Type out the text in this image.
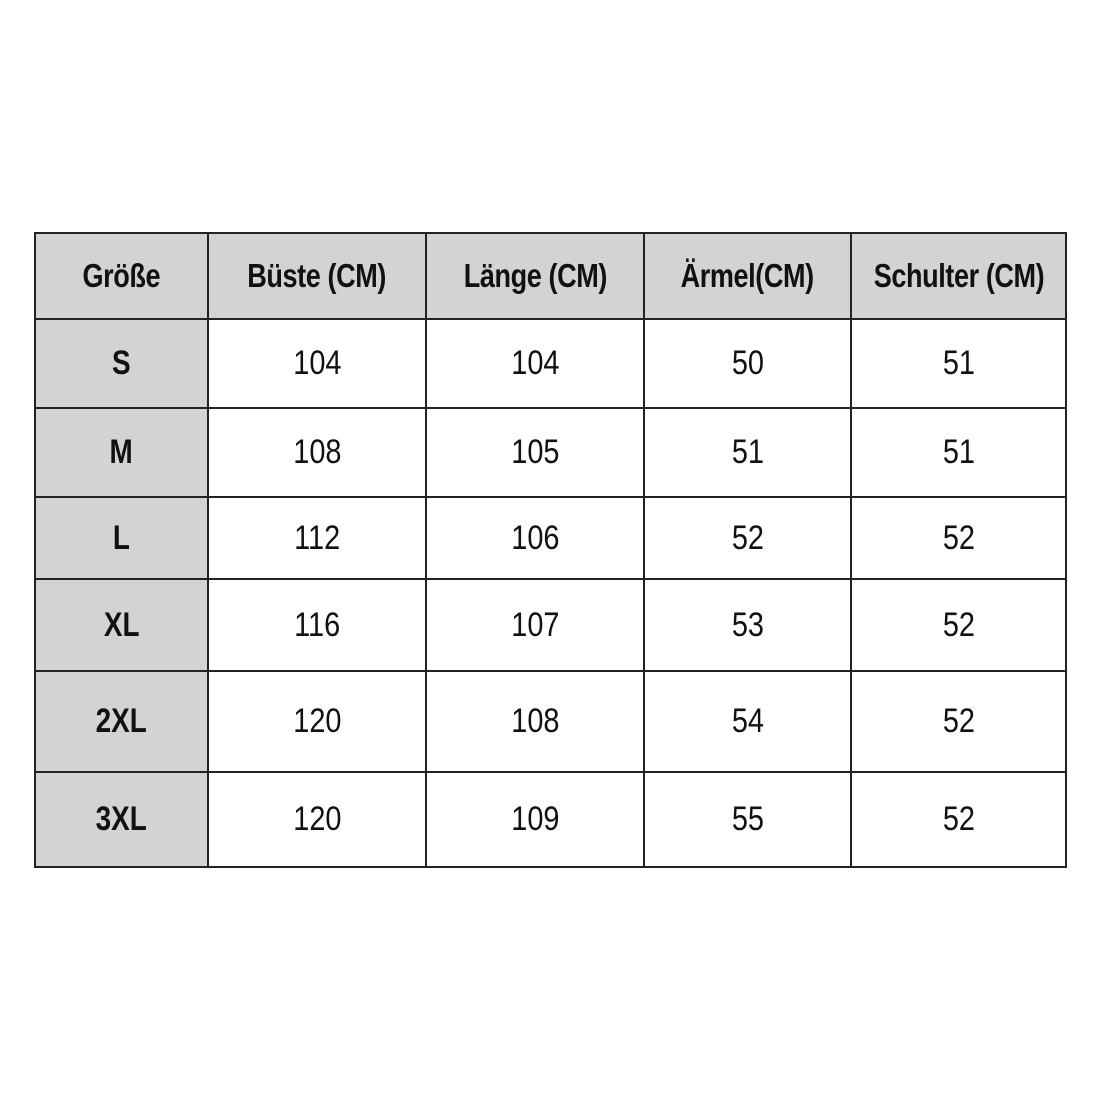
Größe	Büste (CM)	Länge (CM)	Ärmel(CM)	Schulter (CM)
S	104	104	50	51
M	108	105	51	51
L	112	106	52	52
XL	116	107	53	52
2XL	120	108	54	52
3XL	120	109	55	52
